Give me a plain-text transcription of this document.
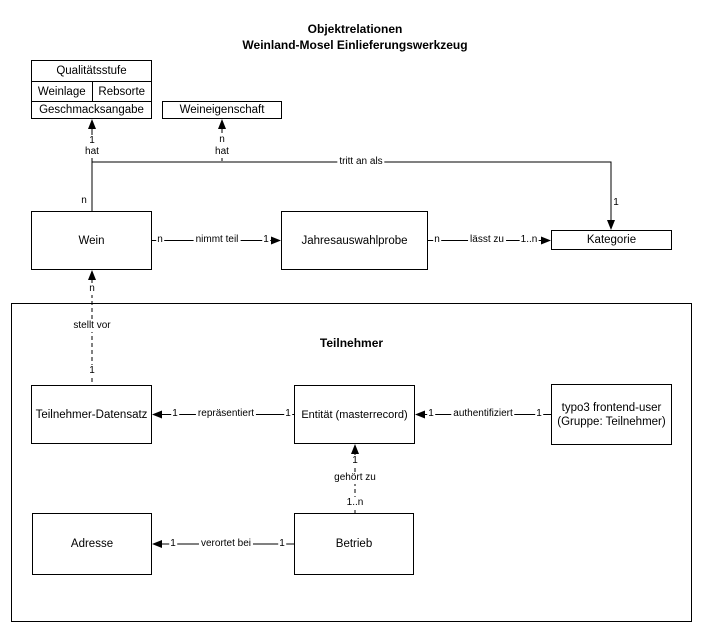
Objektrelationen
Weinland-Mosel Einlieferungswerkzeug
Qualitätsstufe
Weinlage	Rebsorte
Geschmacksangabe	Weineigenschaft
Wein	Jahresauswahlprobe	Kategorie
Teilnehmer
Teilnehmer-Datensatz	Entität (masterrecord)
typo3 frontend-user
(Gruppe: Teilnehmer)
Adresse	Betrieb
1
hat
n
n
hat
tritt an als
1
n	nimmt teil 1	n	lässt zu 1..n
n
stellt vor
1
1 repräsentiert	1	1 authentifiziert 1
1
gehört zu
1..n
1	verortet bei	1
